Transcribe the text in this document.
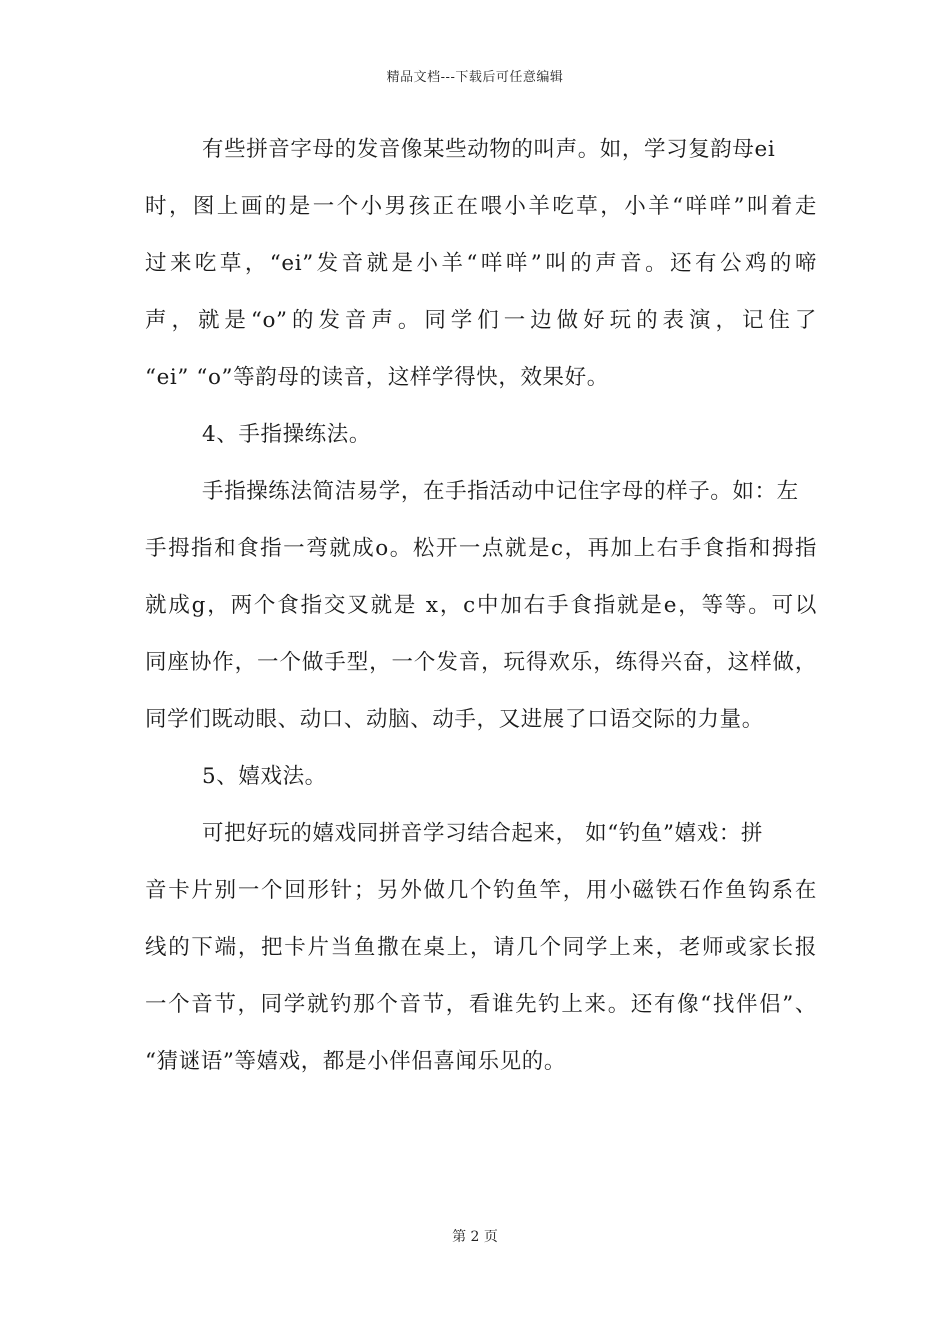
精品文档---下载后可任意编辑
有些拼音字母的发音像某些动物的叫声。如，学习复韵母ei
时，图上画的是一个小男孩正在喂小羊吃草，小羊“咩咩”叫着走
过来吃草，“ei”发音就是小羊“咩咩”叫的声音。还有公鸡的啼
声，就是“o”的发音声。同学们一边做好玩的表演，记住了
“ei” “o”等韵母的读音，这样学得快，效果好。
4、手指操练法。
手指操练法简洁易学，在手指活动中记住字母的样子。如：左
手拇指和食指一弯就成o。松开一点就是c，再加上右手食指和拇指
就成g，两个食指交叉就是 x，c中加右手食指就是e，等等。可以
同座协作，一个做手型，一个发音，玩得欢乐，练得兴奋，这样做，
同学们既动眼、动口、动脑、动手，又进展了口语交际的力量。
5、嬉戏法。
可把好玩的嬉戏同拼音学习结合起来， 如“钓鱼”嬉戏：拼
音卡片别一个回形针；另外做几个钓鱼竿，用小磁铁石作鱼钩系在
线的下端，把卡片当鱼撒在桌上，请几个同学上来，老师或家长报
一个音节，同学就钓那个音节，看谁先钓上来。还有像“找伴侣”、
“猜谜语”等嬉戏，都是小伴侣喜闻乐见的。
第 2 页
